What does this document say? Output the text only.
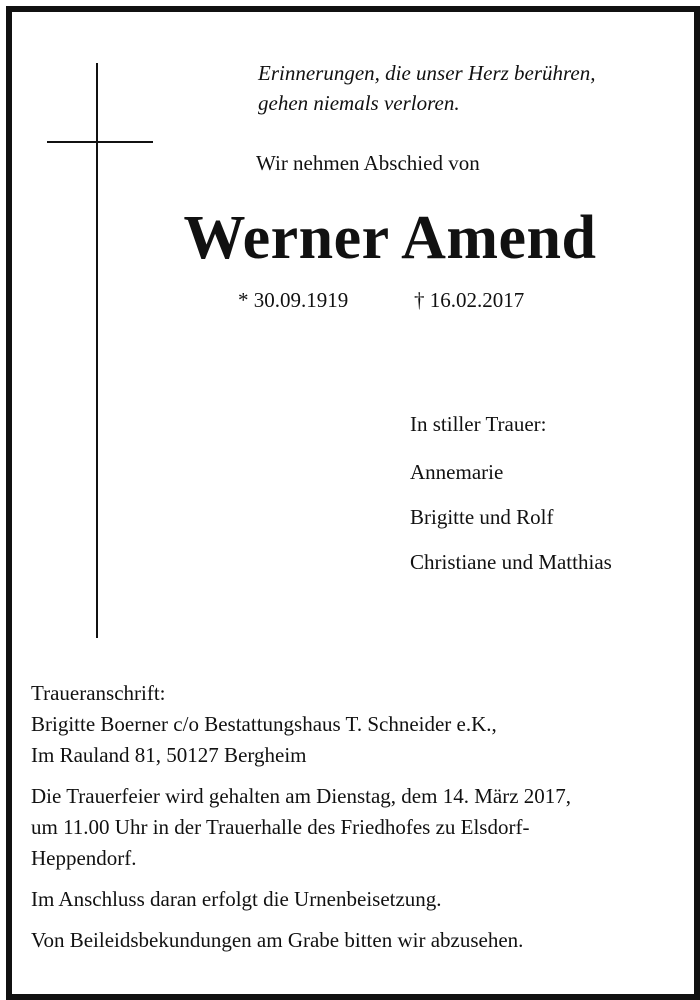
Erinnerungen, die unser Herz berühren,
gehen niemals verloren.
Wir nehmen Abschied von
Werner Amend
* 30.09.1919	† 16.02.2017
In stiller Trauer:
Annemarie
Brigitte und Rolf
Christiane und Matthias
Traueranschrift:
Brigitte Boerner c/o Bestattungshaus T. Schneider e.K.,
Im Rauland 81, 50127 Bergheim
Die Trauerfeier wird gehalten am Dienstag, dem 14. März 2017,
um 11.00 Uhr in der Trauerhalle des Friedhofes zu Elsdorf-
Heppendorf.
Im Anschluss daran erfolgt die Urnenbeisetzung.
Von Beileidsbekundungen am Grabe bitten wir abzusehen.
